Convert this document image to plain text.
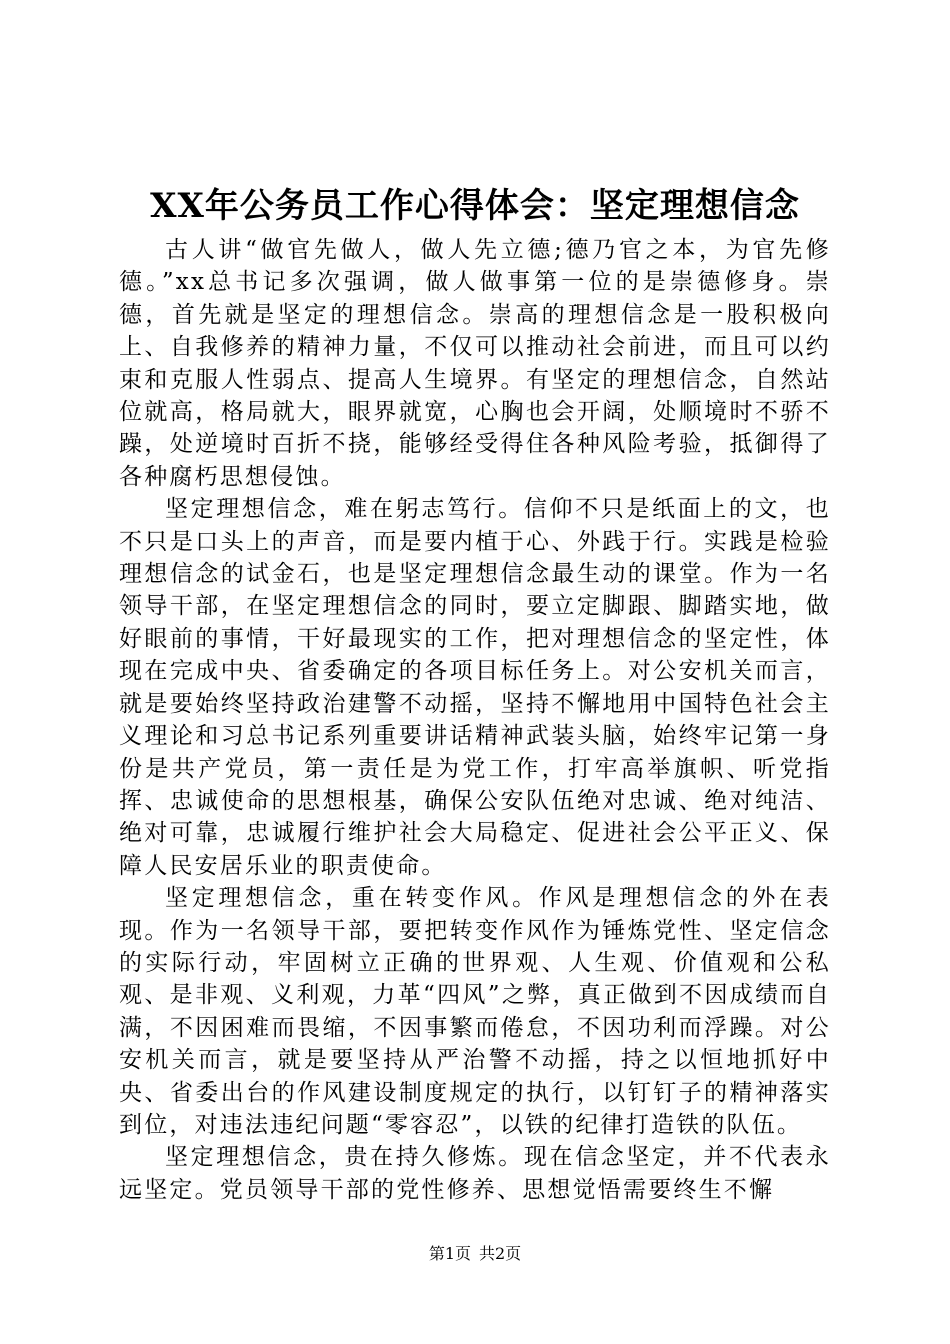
XX年公务员工作心得体会：坚定理想信念

古人讲“做官先做人，做人先立德;德乃官之本，为官先修德。”xx总书记多次强调，做人做事第一位的是崇德修身。崇德，首先就是坚定的理想信念。崇高的理想信念是一股积极向上、自我修养的精神力量，不仅可以推动社会前进，而且可以约束和克服人性弱点、提高人生境界。有坚定的理想信念，自然站位就高，格局就大，眼界就宽，心胸也会开阔，处顺境时不骄不躁，处逆境时百折不挠，能够经受得住各种风险考验，抵御得了各种腐朽思想侵蚀。

坚定理想信念，难在躬志笃行。信仰不只是纸面上的文，也不只是口头上的声音，而是要内植于心、外践于行。实践是检验理想信念的试金石，也是坚定理想信念最生动的课堂。作为一名领导干部，在坚定理想信念的同时，要立定脚跟、脚踏实地，做好眼前的事情，干好最现实的工作，把对理想信念的坚定性，体现在完成中央、省委确定的各项目标任务上。对公安机关而言，就是要始终坚持政治建警不动摇，坚持不懈地用中国特色社会主义理论和习总书记系列重要讲话精神武装头脑，始终牢记第一身份是共产党员，第一责任是为党工作，打牢高举旗帜、听党指挥、忠诚使命的思想根基，确保公安队伍绝对忠诚、绝对纯洁、绝对可靠，忠诚履行维护社会大局稳定、促进社会公平正义、保障人民安居乐业的职责使命。

坚定理想信念，重在转变作风。作风是理想信念的外在表现。作为一名领导干部，要把转变作风作为锤炼党性、坚定信念的实际行动，牢固树立正确的世界观、人生观、价值观和公私观、是非观、义利观，力革“四风”之弊，真正做到不因成绩而自满，不因困难而畏缩，不因事繁而倦怠，不因功利而浮躁。对公安机关而言，就是要坚持从严治警不动摇，持之以恒地抓好中央、省委出台的作风建设制度规定的执行，以钉钉子的精神落实到位，对违法违纪问题“零容忍”，以铁的纪律打造铁的队伍。

坚定理想信念，贵在持久修炼。现在信念坚定，并不代表永远坚定。党员领导干部的党性修养、思想觉悟需要终生不懈

第1页 共2页
